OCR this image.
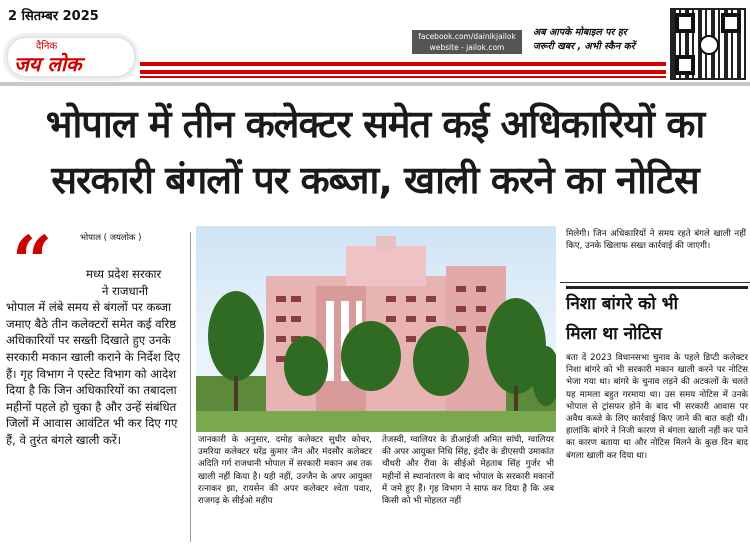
2 सितम्बर 2025
दैनिक
जय लोक
facebook.com/dainikjailok
website - jailok.com
अब आपके मोबाइल पर हर
जरूरी खबर , अभी स्कैन करें
भोपाल में तीन कलेक्टर समेत कई अधिकारियों का
सरकारी बंगलों पर कब्जा, खाली करने का नोटिस
“	भोपाल ( जयलोक )
मध्य प्रदेश सरकार
ने राजधानी
भोपाल में लंबे समय से बंगलों पर कब्जा जमाए बैठे तीन कलेक्टरों समेत कई वरिष्ठ अधिकारियों पर सख्ती दिखाते हुए उनके सरकारी मकान खाली कराने के निर्देश दिए हैं। गृह विभाग ने एस्टेट विभाग को आदेश दिया है कि जिन अधिकारियों का तबादला महीनों पहले हो चुका है और उन्हें संबंधित जिलों में आवास आवंटित भी कर दिए गए हैं, वे तुरंत बंगले खाली करें।	जानकारी के अनुसार, दमोह कलेक्टर सुधीर कोचर, उमरिया कलेक्टर धरेंद्र कुमार जैन और मंदसौर कलेक्टर अदिति गर्ग राजधानी भोपाल में सरकारी मकान अब तक खाली नहीं किया है। यही नहीं, उज्जैन के अपर आयुक्त रत्नाकर झा, रायसेन की अपर कलेक्टर श्वेता पवार, राजगढ़ के सीईओ महीप
तेजस्वी, ग्वालियर के डीआईजी अमित सांघी, ग्वालियर की अपर आयुक्त निधि सिंह, इंदौर के डीएसपी उमाकांत चौधरी और रीवा के सीईओ मेहताब सिंह गुर्जर भी महीनों से स्थानांतरण के बाद भोपाल के सरकारी मकानों में जमे हुए हैं। गृह विभाग ने साफ कर दिया है कि अब किसी को भी मोहलत नहीं
मिलेगी। जिन अधिकारियों ने समय रहते बंगले खाली नहीं किए, उनके खिलाफ सख्त कार्रवाई की जाएगी।
निशा बांगरे को भी
मिला था नोटिस
बता दें 2023 विधानसभा चुनाव के पहले डिप्टी कलेक्टर निशा बांगरे को भी सरकारी मकान खाली करने पर नोटिस भेजा गया था। बांगरे के चुनाव लड़ने की अटकलों के चलते यह मामला बहुत गरमाया था। उस समय नोटिस में उनके भोपाल से ट्रांसफर होने के बाद भी सरकारी आवास पर अवैध कब्जे के लिए कार्रवाई किए जाने की बात कही थी। हालांकि बांगरे ने निजी कारण से बंगला खाली नहीं कर पाने का कारण बताया था और नोटिस मिलने के कुछ दिन बाद बंगला खाली कर दिया था।
